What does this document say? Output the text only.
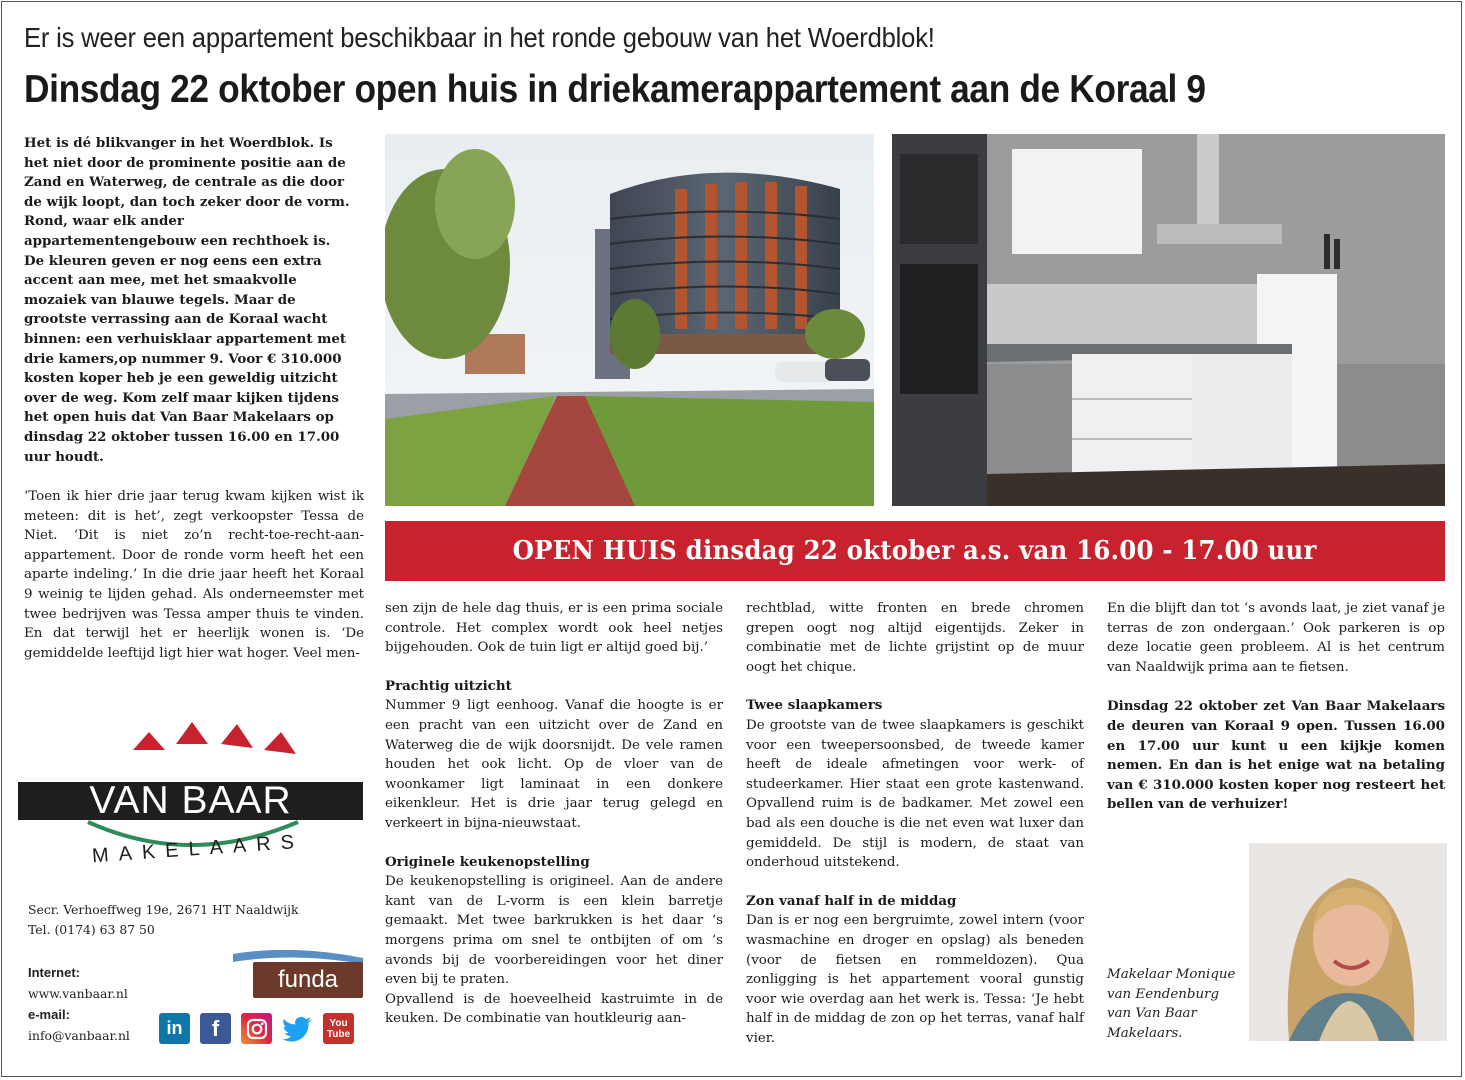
Er is weer een appartement beschikbaar in het ronde gebouw van het Woerdblok!
Dinsdag 22 oktober open huis in driekamerappartement aan de Koraal 9

Het is dé blikvanger in het Woerdblok. Is het niet door de prominente positie aan de Zand en Waterweg, de centrale as die door de wijk loopt, dan toch zeker door de vorm. Rond, waar elk ander appartementengebouw een rechthoek is. De kleuren geven er nog eens een extra accent aan mee, met het smaakvolle mozaiek van blauwe tegels. Maar de grootste verrassing aan de Koraal wacht binnen: een verhuisklaar appartement met drie kamers,op nummer 9. Voor € 310.000 kosten koper heb je een geweldig uitzicht over de weg. Kom zelf maar kijken tijdens het open huis dat Van Baar Makelaars op dinsdag 22 oktober tussen 16.00 en 17.00 uur houdt.

‘Toen ik hier drie jaar terug kwam kijken wist ik meteen: dit is het’, zegt verkoopster Tessa de Niet. ‘Dit is niet zo’n recht-toe-recht-aan-appartement. Door de ronde vorm heeft het een aparte indeling.’ In die drie jaar heeft het Koraal 9 weinig te lijden gehad. Als onderneemster met twee bedrijven was Tessa amper thuis te vinden. En dat terwijl het er heerlijk wonen is. ‘De gemiddelde leeftijd ligt hier wat hoger. Veel men-

OPEN HUIS dinsdag 22 oktober a.s. van 16.00 - 17.00 uur

sen zijn de hele dag thuis, er is een prima sociale controle. Het complex wordt ook heel netjes bijgehouden. Ook de tuin ligt er altijd goed bij.’

Prachtig uitzicht

Nummer 9 ligt eenhoog. Vanaf die hoogte is er een pracht van een uitzicht over de Zand en Waterweg die de wijk doorsnijdt. De vele ramen houden het ook licht. Op de vloer van de woonkamer ligt laminaat in een donkere eikenkleur. Het is drie jaar terug gelegd en verkeert in bijna-nieuwstaat.

Originele keukenopstelling

De keukenopstelling is origineel. Aan de andere kant van de L-vorm is een klein barretje gemaakt. Met twee barkrukken is het daar ‘s morgens prima om snel te ontbijten of om ‘s avonds bij de voorbereidingen voor het diner even bij te praten.

Opvallend is de hoeveelheid kastruimte in de keuken. De combinatie van houtkleurig aan-

rechtblad, witte fronten en brede chromen grepen oogt nog altijd eigentijds. Zeker in combinatie met de lichte grijstint op de muur oogt het chique.

Twee slaapkamers

De grootste van de twee slaapkamers is geschikt voor een tweepersoonsbed, de tweede kamer heeft de ideale afmetingen voor werk- of studeerkamer. Hier staat een grote kastenwand. Opvallend ruim is de badkamer. Met zowel een bad als een douche is die net even wat luxer dan gemiddeld. De stijl is modern, de staat van onderhoud uitstekend.

Zon vanaf half in de middag

Dan is er nog een bergruimte, zowel intern (voor wasmachine en droger en opslag) als beneden (voor de fietsen en rommeldozen). Qua zonligging is het appartement vooral gunstig voor wie overdag aan het werk is. Tessa: ‘Je hebt half in de middag de zon op het terras, vanaf half vier.

En die blijft dan tot ‘s avonds laat, je ziet vanaf je terras de zon ondergaan.’ Ook parkeren is op deze locatie geen probleem. Al is het centrum van Naaldwijk prima aan te fietsen.

Dinsdag 22 oktober zet Van Baar Makelaars de deuren van Koraal 9 open. Tussen 16.00 en 17.00 uur kunt u een kijkje komen nemen. En dan is het enige wat na betaling van € 310.000 kosten koper nog resteert het bellen van de verhuizer!

Makelaar Monique van Eendenburg van Van Baar Makelaars.
VAN BAAR
MAKELAARS
Secr. Verhoeffweg 19e, 2671 HT Naaldwijk
Tel. (0174) 63 87 50
Internet:
www.vanbaar.nl
e-mail:
info@vanbaar.nl
funda
in f	You Tube
